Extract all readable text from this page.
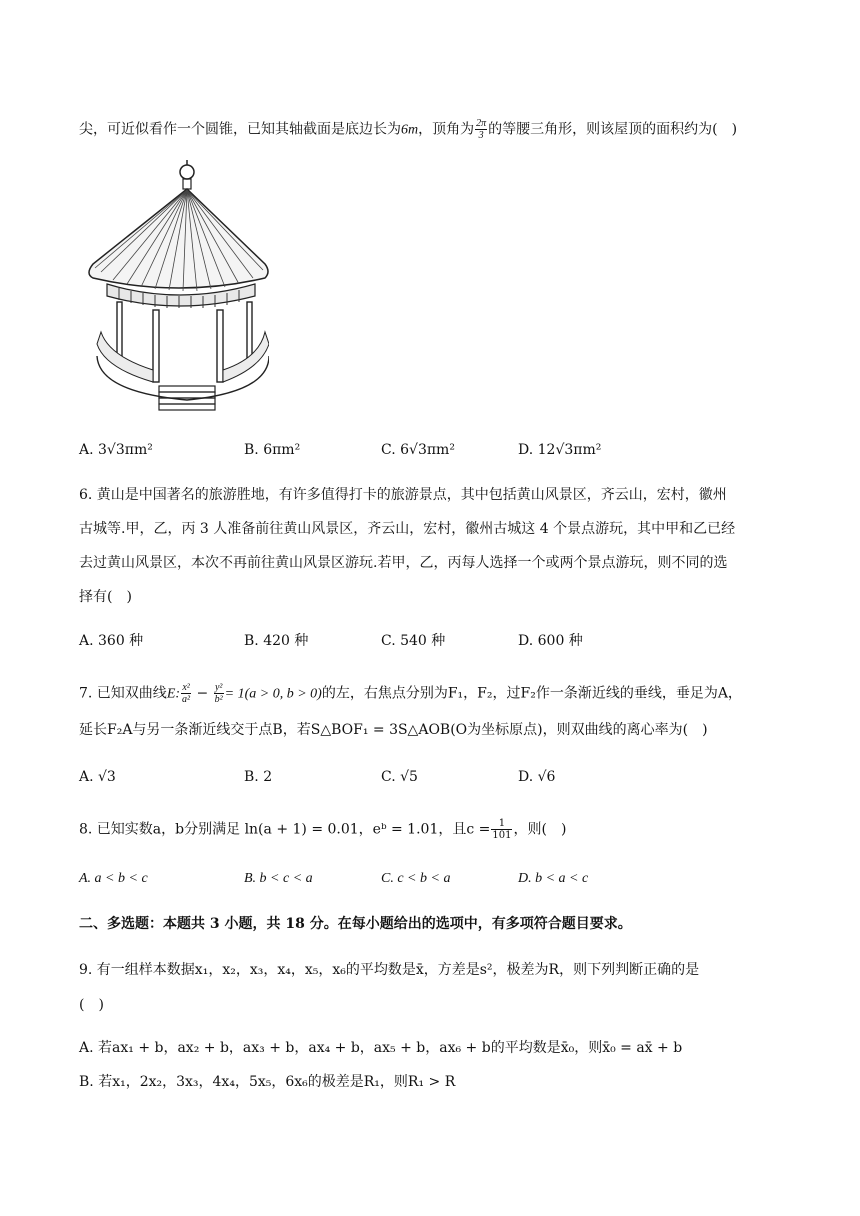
尖，可近似看作一个圆锥，已知其轴截面是底边长为6m，顶角为 $\frac{2\pi}{3}$ 的等腰三角形，则该屋顶的面积约为(　)
A. 3√3πm²	B. 6πm²	C. 6√3πm²	D. 12√3πm²
6. 黄山是中国著名的旅游胜地，有许多值得打卡的旅游景点，其中包括黄山风景区，齐云山，宏村，徽州
古城等.甲，乙，丙 3 人准备前往黄山风景区，齐云山，宏村，徽州古城这 4 个景点游玩，其中甲和乙已经
去过黄山风景区，本次不再前往黄山风景区游玩.若甲，乙，丙每人选择一个或两个景点游玩，则不同的选
择有(　)
A. 360 种	B. 420 种	C. 540 种	D. 600 种
7. 已知双曲线E: $\frac{\text{x²}}{\text{a²}} - \frac{\text{y²}}{\text{b²}} = 1(a > 0$, b > 0)的左，右焦点分别为F₁，F₂，过F₂作一条渐近线的垂线，垂足为A，
延长F₂A与另一条渐近线交于点B，若S△BOF₁ = 3S△AOB(O为坐标原点)，则双曲线的离心率为(　)
A. √3	B. 2	C. √5	D. √6
8. 已知实数a，b分别满足 ln(a + 1) = 0.01，eᵇ = 1.01，且$c = \frac{1}{101}$ ，则(　)
A. a < b < c	B. b < c < a	C. c < b < a	D. b < a < c
二、多选题：本题共 3 小题，共 18 分。在每小题给出的选项中，有多项符合题目要求。
9. 有一组样本数据x₁，x₂，x₃，x₄，x₅，x₆的平均数是x̄，方差是s²，极差为R，则下列判断正确的是
(　)
A. 若ax₁ + b，ax₂ + b，ax₃ + b，ax₄ + b，ax₅ + b，ax₆ + b的平均数是x̄₀，则x̄₀ = ax̄ + b
B. 若x₁，2x₂，3x₃，4x₄，5x₅，6x₆的极差是R₁，则R₁ > R
